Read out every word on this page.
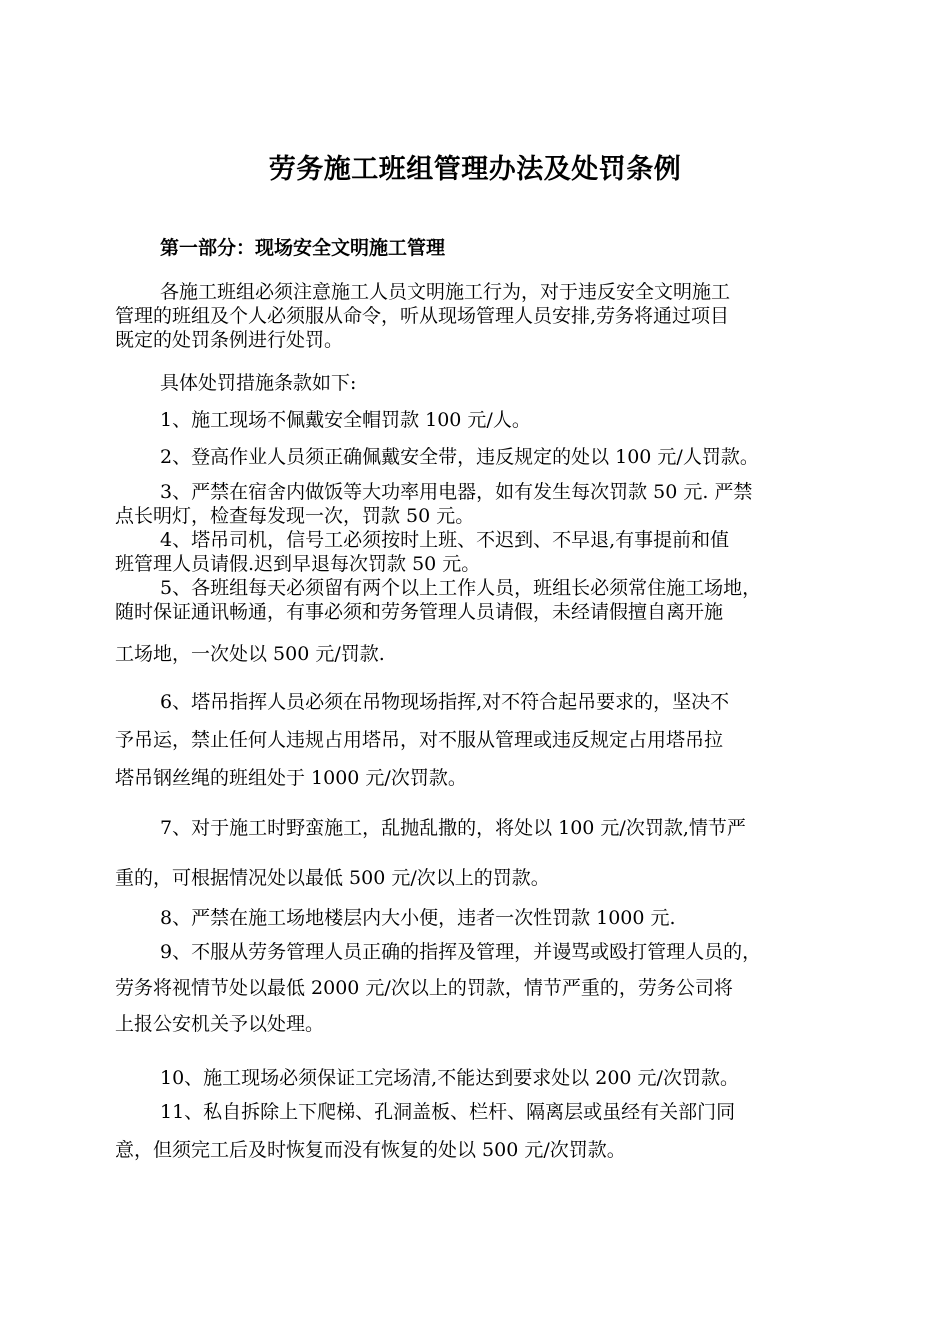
劳务施工班组管理办法及处罚条例
第一部分：现场安全文明施工管理
各施工班组必须注意施工人员文明施工行为，对于违反安全文明施工
管理的班组及个人必须服从命令，听从现场管理人员安排,劳务将通过项目
既定的处罚条例进行处罚。
具体处罚措施条款如下:
1、施工现场不佩戴安全帽罚款 100 元/人。
2、登高作业人员须正确佩戴安全带，违反规定的处以 100 元/人罚款。
3、严禁在宿舍内做饭等大功率用电器，如有发生每次罚款 50 元. 严禁
点长明灯，检查每发现一次，罚款 50 元。
4、塔吊司机，信号工必须按时上班、不迟到、不早退,有事提前和值
班管理人员请假.迟到早退每次罚款 50 元。
5、各班组每天必须留有两个以上工作人员，班组长必须常住施工场地，
随时保证通讯畅通，有事必须和劳务管理人员请假，未经请假擅自离开施
工场地，一次处以 500 元/罚款.
6、塔吊指挥人员必须在吊物现场指挥,对不符合起吊要求的，坚决不
予吊运，禁止任何人违规占用塔吊，对不服从管理或违反规定占用塔吊拉
塔吊钢丝绳的班组处于 1000 元/次罚款。
7、对于施工时野蛮施工，乱抛乱撒的，将处以 100 元/次罚款,情节严
重的，可根据情况处以最低 500 元/次以上的罚款。
8、严禁在施工场地楼层内大小便，违者一次性罚款 1000 元.
9、不服从劳务管理人员正确的指挥及管理，并谩骂或殴打管理人员的，
劳务将视情节处以最低 2000 元/次以上的罚款，情节严重的，劳务公司将
上报公安机关予以处理。
10、施工现场必须保证工完场清,不能达到要求处以 200 元/次罚款。
11、私自拆除上下爬梯、孔洞盖板、栏杆、隔离层或虽经有关部门同
意，但须完工后及时恢复而没有恢复的处以 500 元/次罚款。
